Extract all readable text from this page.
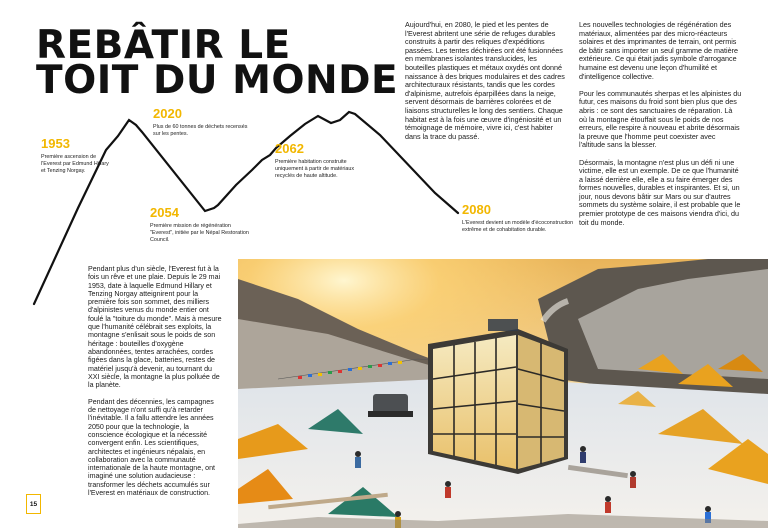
REBÂTIR LE
TOIT DU MONDE
1953
Première ascension de l'Everest par Edmund Hillary et Tenzing Norgay.
2020
Plus de 60 tonnes de déchets recensés sur les pentes.
2054
Première mission de régénération "Everest", initiée par le Népal Restoration Council.
2062
Première habitation construite uniquement à partir de matériaux recyclés de haute altitude.
2080
L'Everest devient un modèle d'écoconstruction extrême et de cohabitation durable.

Aujourd'hui, en 2080, le pied et les pentes de l'Everest abritent une série de refuges durables construits à partir des reliques d'expéditions passées. Les tentes déchirées ont été fusionnées en membranes isolantes translucides, les bouteilles plastiques et métaux oxydés ont donné naissance à des briques modulaires et des cadres architecturaux résistants, tandis que les cordes d'alpinisme, autrefois éparpillées dans la neige, servent désormais de barrières colorées et de liaisons structurelles le long des sentiers. Chaque habitat est à la fois une œuvre d'ingéniosité et un témoignage de mémoire, vivre ici, c'est habiter dans la trace du passé.

Les nouvelles technologies de régénération des matériaux, alimentées par des micro-réacteurs solaires et des imprimantes de terrain, ont permis de bâtir sans importer un seul gramme de matière extérieure. Ce qui était jadis symbole d'arrogance humaine est devenu une leçon d'humilité et d'intelligence collective.

Pour les communautés sherpas et les alpinistes du futur, ces maisons du froid sont bien plus que des abris : ce sont des sanctuaires de réparation. Là où la montagne étouffait sous le poids de nos erreurs, elle respire à nouveau et abrite désormais la preuve que l'homme peut coexister avec l'altitude sans la blesser.

Désormais, la montagne n'est plus un défi ni une victime, elle est un exemple. De ce que l'humanité a laissé derrière elle, elle a su faire émerger des formes nouvelles, durables et inspirantes. Et si, un jour, nous devons bâtir sur Mars ou sur d'autres sommets du système solaire, il est probable que le premier prototype de ces maisons viendra d'ici, du toit du monde.

Pendant plus d'un siècle, l'Everest fut à la fois un rêve et une plaie. Depuis le 29 mai 1953, date à laquelle Edmund Hillary et Tenzing Norgay atteignirent pour la première fois son sommet, des milliers d'alpinistes venus du monde entier ont foulé la "toiture du monde". Mais à mesure que l'humanité célébrait ses exploits, la montagne s'enlisait sous le poids de son héritage : bouteilles d'oxygène abandonnées, tentes arrachées, cordes figées dans la glace, batteries, restes de matériel jusqu'à devenir, au tournant du XXI siècle, la montagne la plus polluée de la planète.

Pendant des décennies, les campagnes de nettoyage n'ont suffi qu'à retarder l'inévitable. Il a fallu attendre les années 2050 pour que la technologie, la conscience écologique et la nécessité convergent enfin. Les scientifiques, architectes et ingénieurs népalais, en collaboration avec la communauté internationale de la haute montagne, ont imaginé une solution audacieuse : transformer les déchets accumulés sur l'Everest en matériaux de construction.

15
